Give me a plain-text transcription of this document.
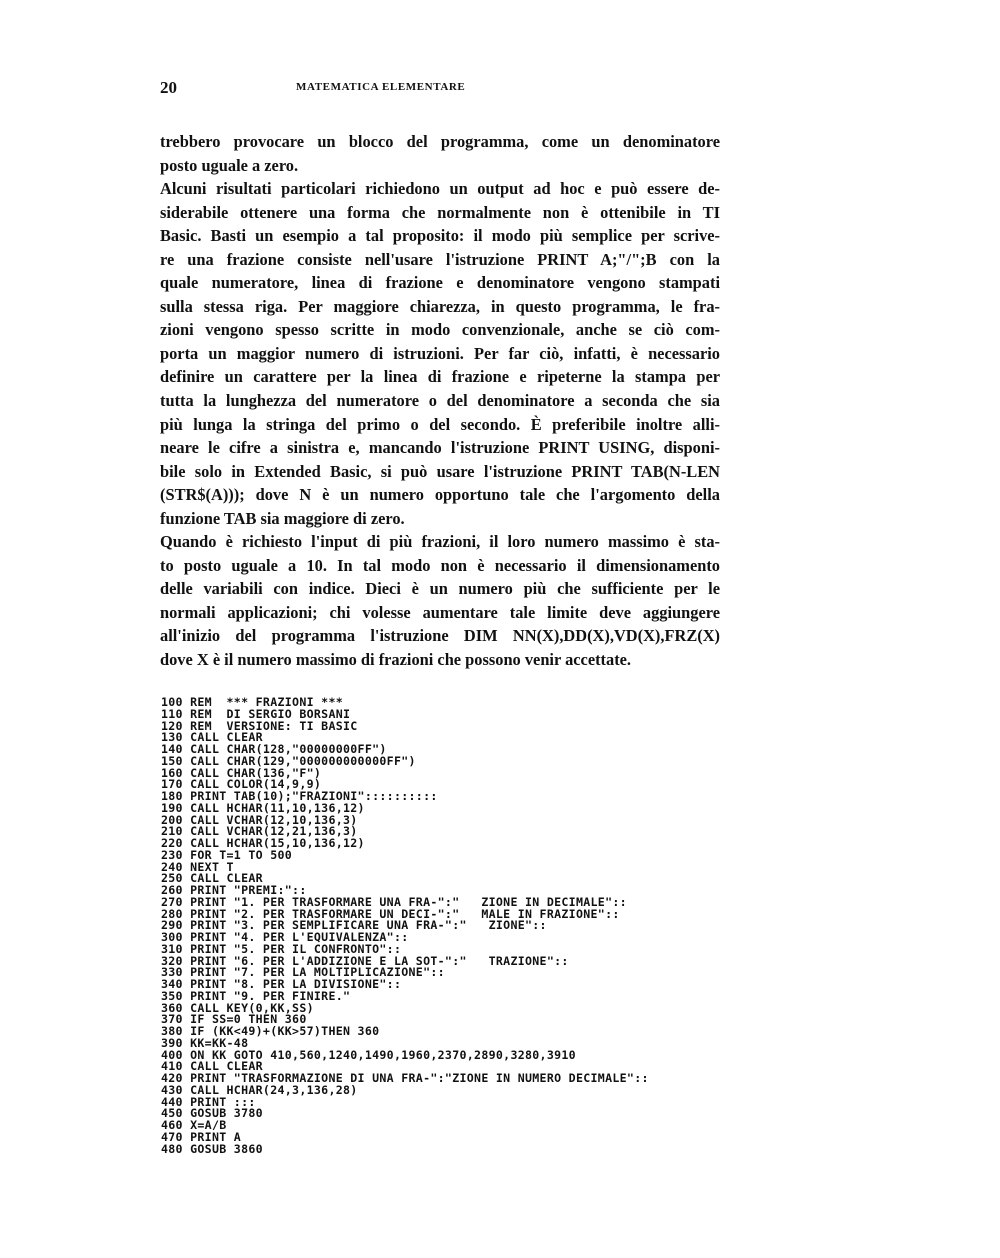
20	MATEMATICA ELEMENTARE
trebbero provocare un blocco del programma, come un denominatore
posto uguale a zero.
Alcuni risultati particolari richiedono un output ad hoc e può essere de-
siderabile ottenere una forma che normalmente non è ottenibile in TI
Basic. Basti un esempio a tal proposito: il modo più semplice per scrive-
re una frazione consiste nell'usare l'istruzione PRINT A;"/";B con la
quale numeratore, linea di frazione e denominatore vengono stampati
sulla stessa riga. Per maggiore chiarezza, in questo programma, le fra-
zioni vengono spesso scritte in modo convenzionale, anche se ciò com-
porta un maggior numero di istruzioni. Per far ciò, infatti, è necessario
definire un carattere per la linea di frazione e ripeterne la stampa per
tutta la lunghezza del numeratore o del denominatore a seconda che sia
più lunga la stringa del primo o del secondo. È preferibile inoltre alli-
neare le cifre a sinistra e, mancando l'istruzione PRINT USING, disponi-
bile solo in Extended Basic, si può usare l'istruzione PRINT TAB(N-LEN
(STR$(A))); dove N è un numero opportuno tale che l'argomento della
funzione TAB sia maggiore di zero.
Quando è richiesto l'input di più frazioni, il loro numero massimo è sta-
to posto uguale a 10. In tal modo non è necessario il dimensionamento
delle variabili con indice. Dieci è un numero più che sufficiente per le
normali applicazioni; chi volesse aumentare tale limite deve aggiungere
all'inizio del programma l'istruzione DIM NN(X),DD(X),VD(X),FRZ(X)
dove X è il numero massimo di frazioni che possono venir accettate.
100 REM  *** FRAZIONI ***
110 REM  DI SERGIO BORSANI
120 REM  VERSIONE: TI BASIC
130 CALL CLEAR
140 CALL CHAR(128,"00000000FF")
150 CALL CHAR(129,"000000000000FF")
160 CALL CHAR(136,"F")
170 CALL COLOR(14,9,9)
180 PRINT TAB(10);"FRAZIONI"::::::::::
190 CALL HCHAR(11,10,136,12)
200 CALL VCHAR(12,10,136,3)
210 CALL VCHAR(12,21,136,3)
220 CALL HCHAR(15,10,136,12)
230 FOR T=1 TO 500
240 NEXT T
250 CALL CLEAR
260 PRINT "PREMI:"::
270 PRINT "1. PER TRASFORMARE UNA FRA-":"   ZIONE IN DECIMALE"::
280 PRINT "2. PER TRASFORMARE UN DECI-":"   MALE IN FRAZIONE"::
290 PRINT "3. PER SEMPLIFICARE UNA FRA-":"   ZIONE"::
300 PRINT "4. PER L'EQUIVALENZA"::
310 PRINT "5. PER IL CONFRONTO"::
320 PRINT "6. PER L'ADDIZIONE E LA SOT-":"   TRAZIONE"::
330 PRINT "7. PER LA MOLTIPLICAZIONE"::
340 PRINT "8. PER LA DIVISIONE"::
350 PRINT "9. PER FINIRE."
360 CALL KEY(0,KK,SS)
370 IF SS=0 THEN 360
380 IF (KK<49)+(KK>57)THEN 360
390 KK=KK-48
400 ON KK GOTO 410,560,1240,1490,1960,2370,2890,3280,3910
410 CALL CLEAR
420 PRINT "TRASFORMAZIONE DI UNA FRA-":"ZIONE IN NUMERO DECIMALE"::
430 CALL HCHAR(24,3,136,28)
440 PRINT :::
450 GOSUB 3780
460 X=A/B
470 PRINT A
480 GOSUB 3860
